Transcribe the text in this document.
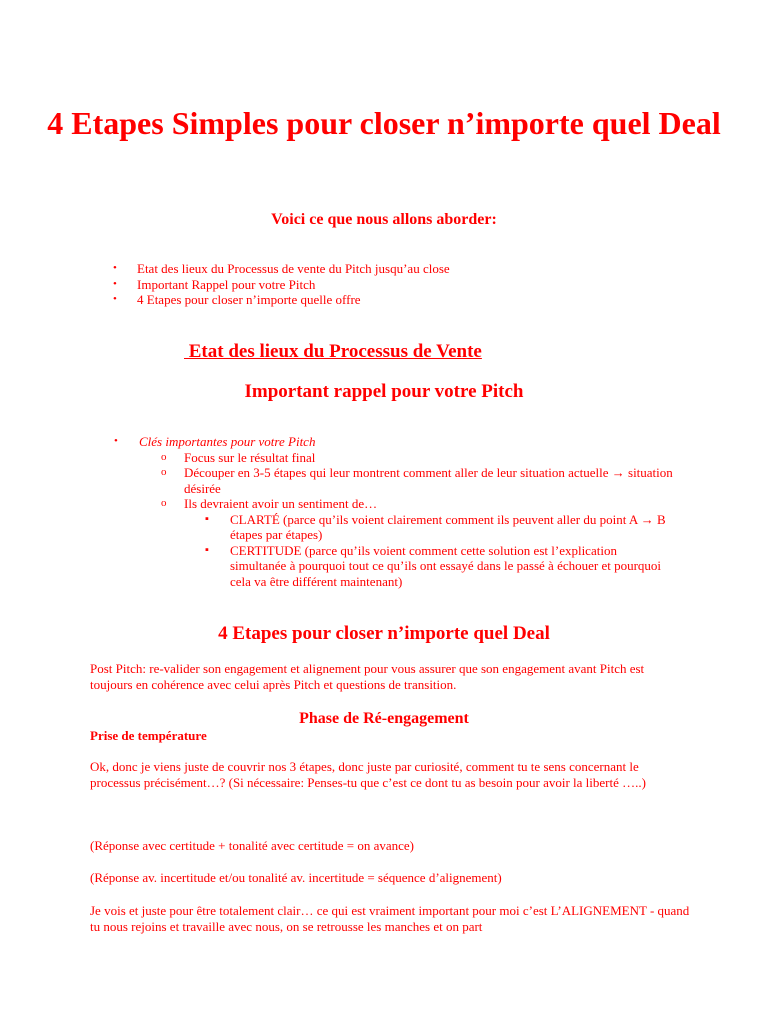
4 Etapes Simples pour closer n’importe quel Deal
Voici ce que nous allons aborder:
• Etat des lieux du Processus de vente du Pitch jusqu’au close
• Important Rappel pour votre Pitch
• 4 Etapes pour closer n’importe quelle offre
Etat des lieux du Processus de Vente
Important rappel pour votre Pitch
• Clés importantes pour votre Pitch
o Focus sur le résultat final
o Découper en 3-5 étapes qui leur montrent comment aller de leur situation actuelle → situation désirée
o Ils devraient avoir un sentiment de…
▪ CLARTÉ (parce qu’ils voient clairement comment ils peuvent aller du point A → B étapes par étapes)
▪ CERTITUDE (parce qu’ils voient comment cette solution est l’explication simultanée à pourquoi tout ce qu’ils ont essayé dans le passé à échouer et pourquoi cela va être différent maintenant)
4 Etapes pour closer n’importe quel Deal
Post Pitch: re-valider son engagement et alignement pour vous assurer que son engagement avant Pitch est toujours en cohérence avec celui après Pitch et questions de transition.
Phase de Ré-engagement
Prise de température
Ok, donc je viens juste de couvrir nos 3 étapes, donc juste par curiosité, comment tu te sens concernant le processus précisément…? (Si nécessaire: Penses-tu que c’est ce dont tu as besoin pour avoir la liberté …..)
(Réponse avec certitude + tonalité avec certitude = on avance)
(Réponse av. incertitude et/ou tonalité av. incertitude = séquence d’alignement)
Je vois et juste pour être totalement clair… ce qui est vraiment important pour moi c’est L’ALIGNEMENT - quand tu nous rejoins et travaille avec nous, on se retrousse les manches et on part
